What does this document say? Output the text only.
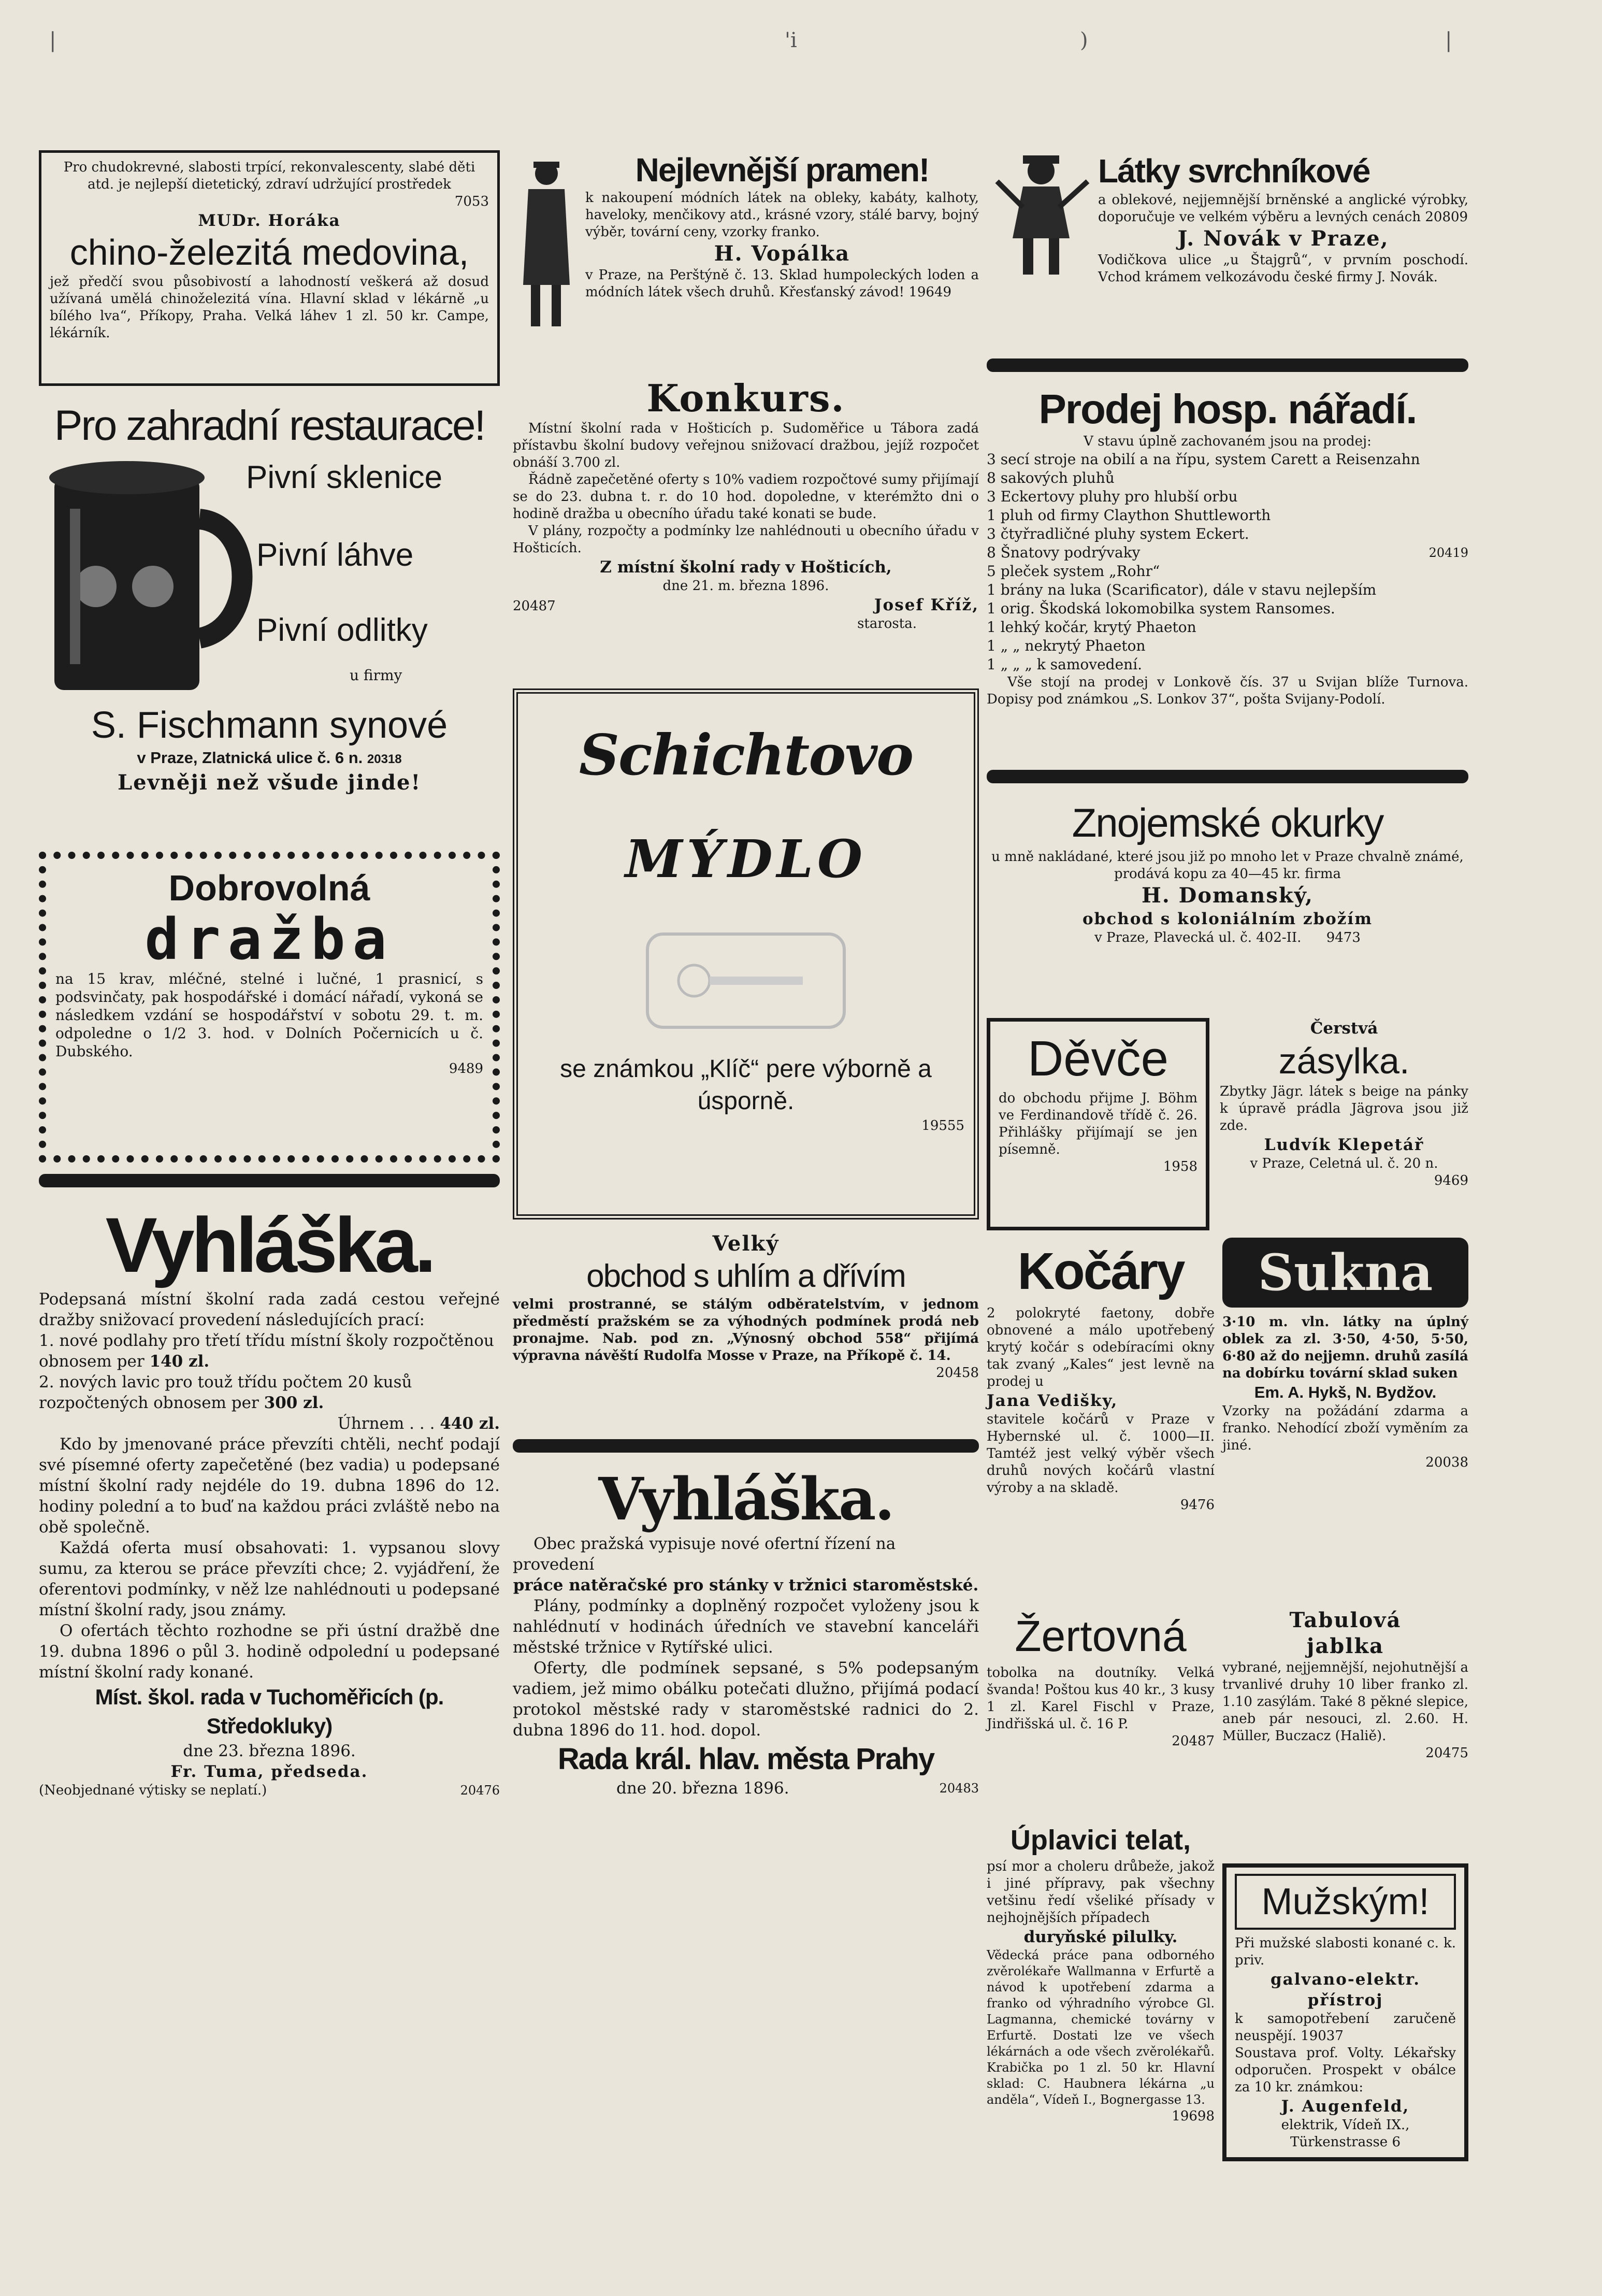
|	'i	)	|
Pro chudokrevné, slabosti trpící, rekonvalescenty, slabé děti atd. je nejlepší dietetický, zdraví udržující prostředek
7053
MUDr. Horáka
chino-železitá medovina,
jež předčí svou působivostí a lahodností veškerá až dosud užívaná umělá chinoželezitá vína. Hlavní sklad v lékárně „u bílého lva“, Příkopy, Praha. Velká láhev 1 zl. 50 kr. Campe, lékárník.
Pro zahradní restaurace!
Pivní sklenice
Pivní láhve
Pivní odlitky
u firmy
S. Fischmann synové
v Praze, Zlatnická ulice č. 6 n. 20318
Levněji než všude jinde!
Dobrovolná
dražba
na 15 krav, mléčné, stelné i lučné, 1 prasnicí, s podsvinčaty, pak hospodářské i domácí nářadí, vykoná se následkem vzdání se hospodářství v sobotu 29. t. m. odpoledne o 1/2 3. hod. v Dolních Počernicích u č. Dubského.
9489
Vyhláška.
Podepsaná místní školní rada zadá cestou veřejné dražby snižovací provedení následujících prací:
1. nové podlahy pro třetí třídu místní školy rozpočtěnou obnosem per 140 zl.
2. nových lavic pro touž třídu počtem 20 kusů rozpočtených obnosem per 300 zl.
Úhrnem . . . 440 zl.
Kdo by jmenované práce převzíti chtěli, nechť podají své písemné oferty zapečetěné (bez vadia) u podepsané místní školní rady nejdéle do 19. dubna 1896 do 12. hodiny polední a to buď na každou práci zvláště nebo na obě společně.
Každá oferta musí obsahovati: 1. vypsanou slovy sumu, za kterou se práce převzíti chce; 2. vyjádření, že oferentovi podmínky, v něž lze nahlédnouti u podepsané místní školní rady, jsou známy.
O ofertách těchto rozhodne se při ústní dražbě dne 19. dubna 1896 o půl 3. hodině odpolední u podepsané místní školní rady konané.
Míst. škol. rada v Tuchoměřicích (p. Středokluky)
dne 23. března 1896.
Fr. Tuma, předseda.
(Neobjednané výtisky se neplatí.)	20476
Nejlevnější pramen!
k nakoupení módních látek na obleky, kabáty, kalhoty, haveloky, menčikovy atd., krásné vzory, stálé barvy, bojný výběr, tovární ceny, vzorky franko.
H. Vopálka
v Praze, na Perštýně č. 13. Sklad humpoleckých loden a módních látek všech druhů. Křesťanský závod! 19649
Konkurs.
Místní školní rada v Hošticích p. Sudoměřice u Tábora zadá přístavbu školní budovy veřejnou snižovací dražbou, jejíž rozpočet obnáší 3.700 zl.
Řádně zapečetěné oferty s 10% vadiem rozpočtové sumy přijímají se do 23. dubna t. r. do 10 hod. dopoledne, v kterémžto dni o hodině dražba u obecního úřadu také konati se bude.
V plány, rozpočty a podmínky lze nahlédnouti u obecního úřadu v Hošticích.
Z místní školní rady v Hošticích,
dne 21. m. března 1896.
20487	Josef Kříž,
starosta.
Schichtovo
MÝDLO
se známkou „Klíč“ pere výborně a úsporně.
19555
Velký
obchod s uhlím a dřívím
velmi prostranné, se stálým odběratelstvím, v jednom předměstí pražském se za výhodných podmínek prodá neb pronajme. Nab. pod zn. „Výnosný obchod 558“ přijímá výpravna návěští Rudolfa Mosse v Praze, na Příkopě č. 14.
20458
Vyhláška.
Obec pražská vypisuje nové ofertní řízení na provedení
práce natěračské pro stánky v tržnici staroměstské.
Plány, podmínky a doplněný rozpočet vyloženy jsou k nahlédnutí v hodinách úředních ve stavební kanceláři městské tržnice v Rytířské ulici.
Oferty, dle podmínek sepsané, s 5% podepsaným vadiem, jež mimo obálku potečati dlužno, přijímá podací protokol městské rady v staroměstské radnici do 2. dubna 1896 do 11. hod. dopol.
Rada král. hlav. města Prahy
dne 20. března 1896.	20483
Látky svrchníkové
a oblekové, nejjemnější brněnské a anglické výrobky, doporučuje ve velkém výběru a levných cenách 20809
J. Novák v Praze,
Vodičkova ulice „u Štajgrů“, v prvním poschodí. Vchod krámem velkozávodu české firmy J. Novák.
Prodej hosp. nářadí.
V stavu úplně zachovaném jsou na prodej:
3 secí stroje na obilí a na řípu, system Carett a Reisenzahn
8 sakových pluhů
3 Eckertovy pluhy pro hlubší orbu
1 pluh od firmy Claython Shuttleworth
3 čtyřradličné pluhy system Eckert.
8 Šnatovy podrývaky	20419
5 pleček system „Rohr“
1 brány na luka (Scarificator), dále v stavu nejlepším
1 orig. Škodská lokomobilka system Ransomes.
1 lehký kočár, krytý Phaeton
1 „ „ nekrytý Phaeton
1 „ „ „ k samovedení.
Vše stojí na prodej v Lonkově čís. 37 u Svijan blíže Turnova. Dopisy pod známkou „S. Lonkov 37“, pošta Svijany-Podolí.
Znojemské okurky
u mně nakládané, které jsou již po mnoho let v Praze chvalně známé, prodává kopu za 40—45 kr. firma
H. Domanský,
obchod s koloniálním zbožím
v Praze, Plavecká ul. č. 402-II. 9473
Děvče
do obchodu přijme J. Böhm ve Ferdinandově třídě č. 26. Přihlášky přijímají se jen písemně.
1958
Čerstvá
zásylka.
Zbytky Jägr. látek s beige na pánky k úpravě prádla Jägrova jsou již zde.
Ludvík Klepetář
v Praze, Celetná ul. č. 20 n.
9469
Kočáry
2 polokryté faetony, dobře obnovené a málo upotřebený krytý kočár s odebíracími okny tak zvaný „Kales“ jest levně na prodej u
Jana Vedišky,
stavitele kočárů v Praze v Hybernské ul. č. 1000—II. Tamtéž jest velký výběr všech druhů nových kočárů vlastní výroby a na skladě.
9476
Sukna
3·10 m. vln. látky na úplný oblek za zl. 3·50, 4·50, 5·50, 6·80 až do nejjemn. druhů zasílá na dobírku tovární sklad suken
Em. A. Hykš, N. Bydžov.
Vzorky na požádání zdarma a franko. Nehodící zboží vyměním za jiné.
20038
Žertovná
tobolka na doutníky. Velká švanda! Poštou kus 40 kr., 3 kusy 1 zl. Karel Fischl v Praze, Jindřišská ul. č. 16 P.
20487
Tabulová
jablka
vybrané, nejjemnější, nejohutnější a trvanlivé druhy 10 liber franko zl. 1.10 zasýlám. Také 8 pěkné slepice, aneb pár nesouci, zl. 2.60. H. Müller, Buczacz (Haliě).
20475
Úplavici telat,
psí mor a choleru drůbeže, jakož i jiné přípravy, pak všechny vetšinu ředí všeliké přísady v nejhojnějších případech
duryňské pilulky.
Vědecká práce pana odborného zvěrolékaře Wallmanna v Erfurtě a návod k upotřebení zdarma a franko od výhradního výrobce Gl. Lagmanna, chemické továrny v Erfurtě. Dostati lze ve všech lékárnách a ode všech zvěrolékařů. Krabička po 1 zl. 50 kr. Hlavní sklad: C. Haubnera lékárna „u anděla“, Vídeň I., Bognergasse 13.
19698
Mužským!
Při mužské slabosti konané c. k. priv.
galvano-elektr. přístroj
k samopotřebení zaručeně neuspějí. 19037
Soustava prof. Volty. Lékařsky odporučen. Prospekt v obálce za 10 kr. známkou:
J. Augenfeld,
elektrik, Vídeň IX., Türkenstrasse 6
